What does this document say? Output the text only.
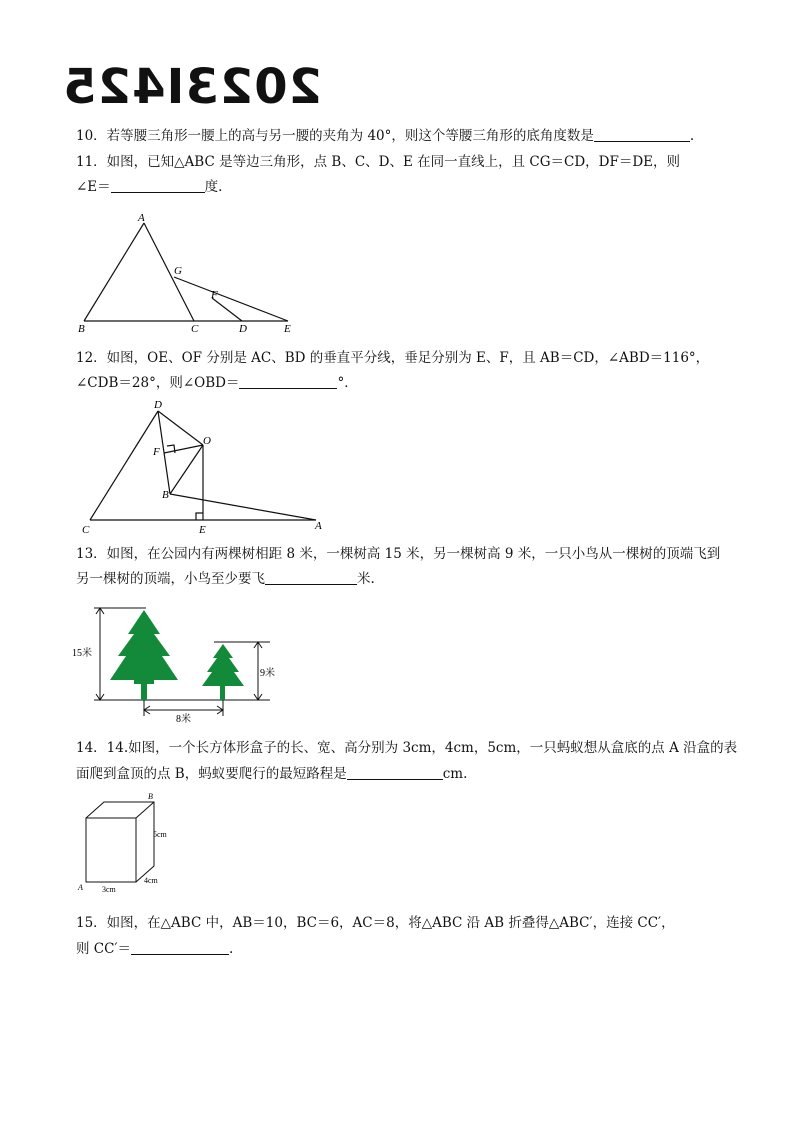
2023I425
10．若等腰三角形一腰上的高与另一腰的夹角为 40°，则这个等腰三角形的底角度数是	.
11．如图，已知△ABC 是等边三角形，点 B、C、D、E 在同一直线上，且 CG＝CD，DF＝DE，则
∠E＝	度.
A
B	C	D	E
F
G
12．如图，OE、OF 分别是 AC、BD 的垂直平分线，垂足分别为 E、F，且 AB＝CD，∠ABD＝116°，
∠CDB＝28°，则∠OBD＝	°．
D
O
F
B
C	E	A
13．如图，在公园内有两棵树相距 8 米，一棵树高 15 米，另一棵树高 9 米，一只小鸟从一棵树的顶端飞到
另一棵树的顶端，小鸟至少要飞	米.
15米
9米
8米
14．14.如图，一个长方体形盒子的长、宽、高分别为 3cm，4cm，5cm，一只蚂蚁想从盒底的点 A 沿盒的表
面爬到盒顶的点 B，蚂蚁要爬行的最短路程是	cm.
B
A 3cm
4cm
5cm
15．如图，在△ABC 中，AB＝10，BC＝6，AC＝8，将△ABC 沿 AB 折叠得△ABC′，连接 CC′，
则 CC′＝	.
